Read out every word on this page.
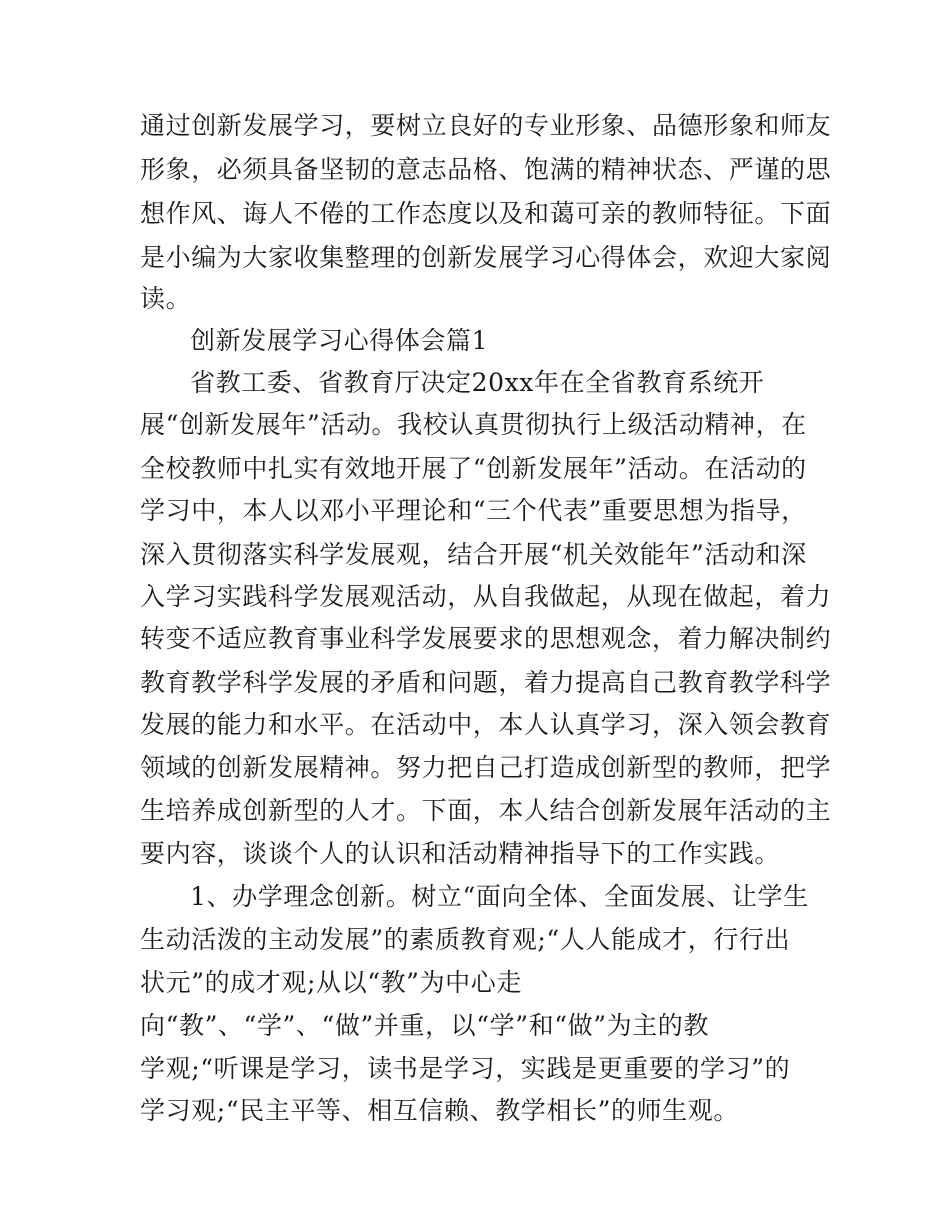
通过创新发展学习，要树立良好的专业形象、品德形象和师友
形象，必须具备坚韧的意志品格、饱满的精神状态、严谨的思
想作风、诲人不倦的工作态度以及和蔼可亲的教师特征。下面
是小编为大家收集整理的创新发展学习心得体会，欢迎大家阅
读。
创新发展学习心得体会篇1
省教工委、省教育厅决定20xx年在全省教育系统开
展“创新发展年”活动。我校认真贯彻执行上级活动精神，在
全校教师中扎实有效地开展了“创新发展年”活动。在活动的
学习中，本人以邓小平理论和“三个代表”重要思想为指导，
深入贯彻落实科学发展观，结合开展“机关效能年”活动和深
入学习实践科学发展观活动，从自我做起，从现在做起，着力
转变不适应教育事业科学发展要求的思想观念，着力解决制约
教育教学科学发展的矛盾和问题，着力提高自己教育教学科学
发展的能力和水平。在活动中，本人认真学习，深入领会教育
领域的创新发展精神。努力把自己打造成创新型的教师，把学
生培养成创新型的人才。下面，本人结合创新发展年活动的主
要内容，谈谈个人的认识和活动精神指导下的工作实践。
1、办学理念创新。树立“面向全体、全面发展、让学生
生动活泼的主动发展”的素质教育观;“人人能成才，行行出
状元”的成才观;从以“教”为中心走
向“教”、“学”、“做”并重，以“学”和“做”为主的教
学观;“听课是学习，读书是学习，实践是更重要的学习”的
学习观;“民主平等、相互信赖、教学相长”的师生观。
